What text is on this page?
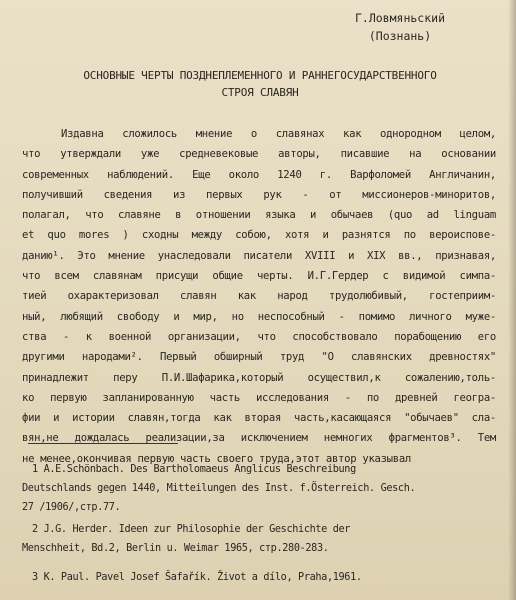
Г.Ловмяньский
(Познань)
ОСНОВНЫЕ ЧЕРТЫ ПОЗДНЕПЛЕМЕННОГО И РАННЕГОСУДАРСТВЕННОГО
СТРОЯ СЛАВЯН
Издавна сложилось мнение о славянах как однородном целом,
что утверждали уже средневековые авторы, писавшие на основании
современных наблюдений. Еще около 1240 г. Варфоломей Англичанин,
получивший сведения из первых рук - от миссионеров-миноритов,
полагал, что славяне в отношении языка и обычаев (quo ad linguam
et quo mores ) сходны между собою, хотя и разнятся по вероиспове-
данию¹. Это мнение унаследовали писатели XVIII и XIX вв., признавая,
что всем славянам присущи общие черты. И.Г.Гердер с видимой симпа-
тией охарактеризовал славян как народ трудолюбивый, гостеприим-
ный, любящий свободу и мир, но неспособный - помимо личного муже-
ства - к военной организации, что способствовало порабощению его
другими народами². Первый обширный труд "О славянских древностях"
принадлежит перу П.И.Шафарика,который осуществил,к сожалению,толь-
ко первую запланированную часть исследования - по древней геогра-
фии и истории славян,тогда как вторая часть,касающаяся "обычаев" сла-
вян,не дождалась реализации,за исключением немногих фрагментов³. Тем
не менее,окончивая первую часть своего труда,этот автор указывал
1 A.E.Schönbach. Des Bartholomaeus Anglicus Beschreibung
Deutschlands gegen 1440, Mitteilungen des Inst. f.Österreich. Gesch.
27 /1906/,стр.77.
2 J.G. Herder. Ideen zur Philosophie der Geschichte der
Menschheit, Bd.2, Berlin u. Weimar 1965, стр.280-283.
3 K. Paul. Pavel Josef Šafařík. Život a dílo, Praha,1961.
